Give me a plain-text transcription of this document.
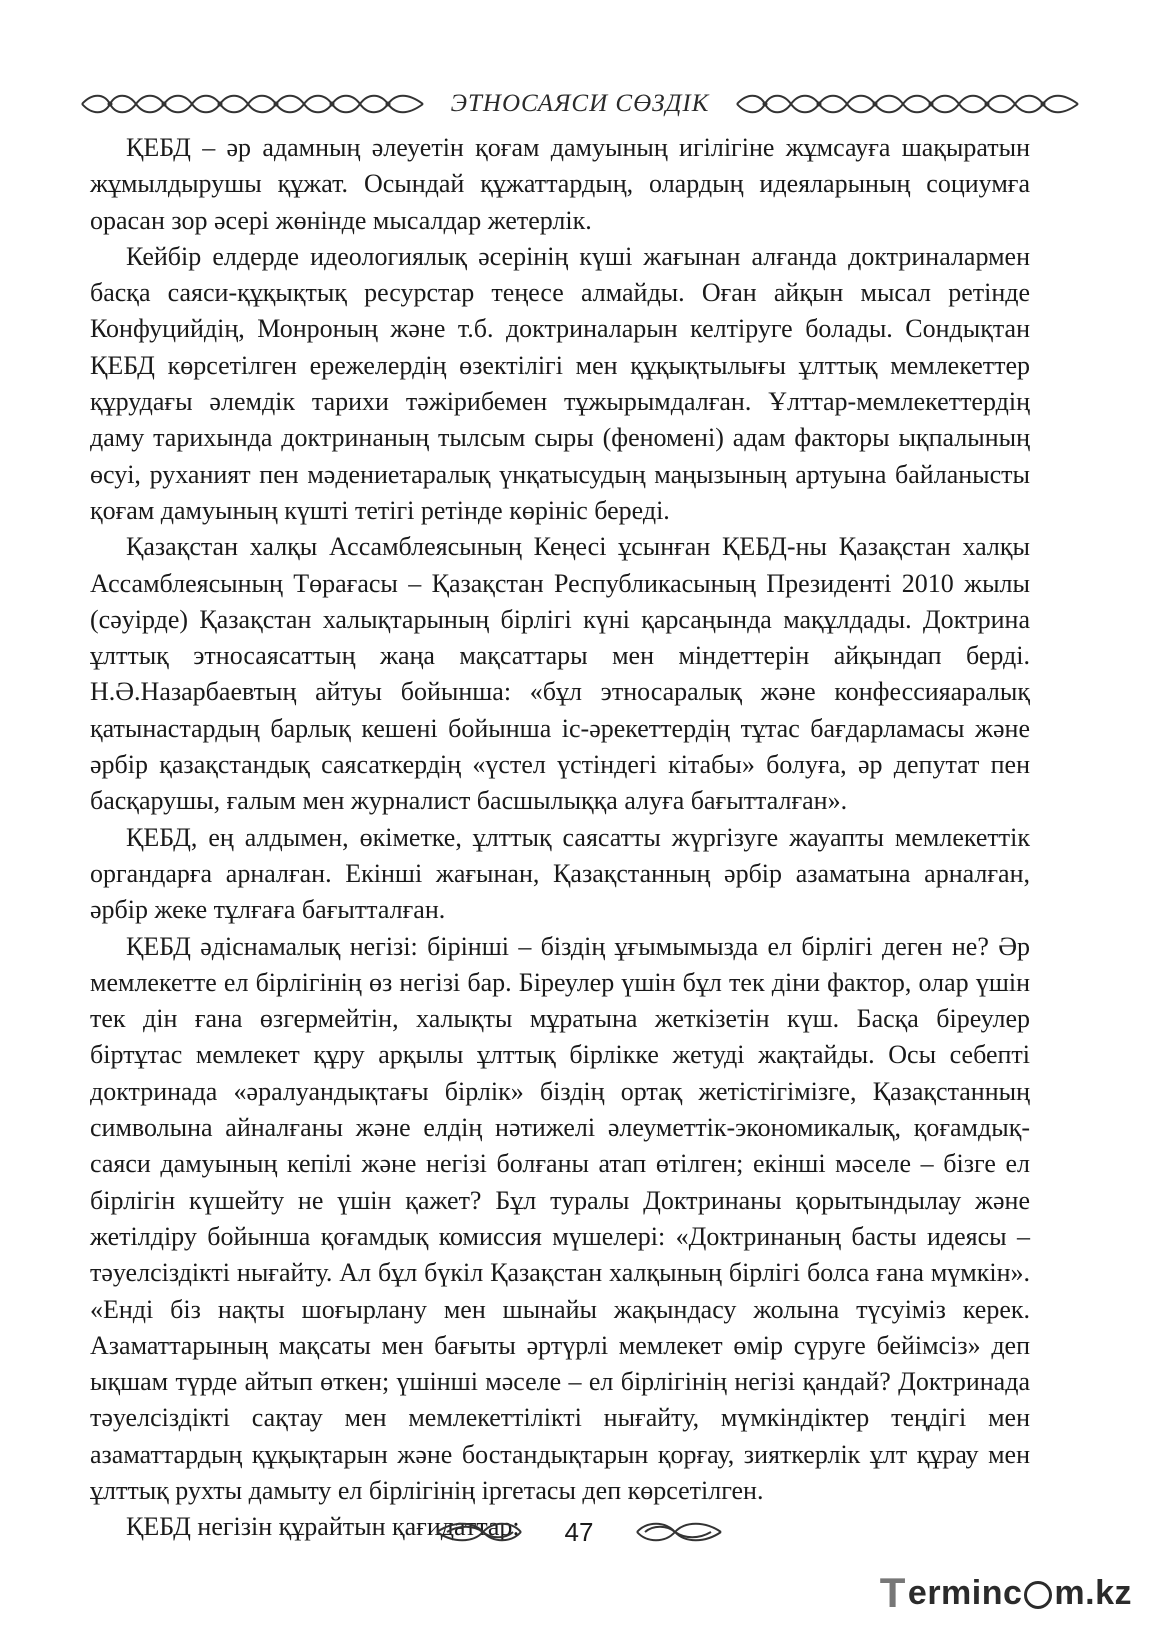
ЭТНОСАЯСИ СӨЗДІК

ҚЕБД – әр адамның әлеуетін қоғам дамуының игілігіне жұмсауға шақыратын жұмылдырушы құжат. Осындай құжаттардың, олардың идеяларының социумға орасан зор әсері жөнінде мысалдар жетерлік.

Кейбір елдерде идеологиялық әсерінің күші жағынан алғанда доктриналармен басқа саяси-құқықтық ресурстар теңесе алмайды. Оған айқын мысал ретінде Конфуцийдің, Монроның және т.б. доктриналарын келтіруге болады. Сондықтан ҚЕБД көрсетілген ережелердің өзектілігі мен құқықтылығы ұлттық мемлекеттер құрудағы әлемдік тарихи тәжірибемен тұжырымдалған. Ұлттар-мемлекеттердің даму тарихында доктринаның тылсым сыры (феномені) адам факторы ықпалының өсуі, руханият пен мәдениетаралық үнқатысудың маңызының артуына байланысты қоғам дамуының күшті тетігі ретінде көрініс береді.

Қазақстан халқы Ассамблеясының Кеңесі ұсынған ҚЕБД-ны Қазақстан халқы Ассамблеясының Төрағасы – Қазақстан Республикасының Президенті 2010 жылы (сәуірде) Қазақстан халықтарының бірлігі күні қарсаңында мақұлдады. Доктрина ұлттық этносаясаттың жаңа мақсаттары мен міндеттерін айқындап берді. Н.Ә.Назарбаевтың айтуы бойынша: «бұл этносаралық және конфессияаралық қатынастардың барлық кешені бойынша іс-әрекеттердің тұтас бағдарламасы және әрбір қазақстандық саясаткердің «үстел үстіндегі кітабы» болуға, әр депутат пен басқарушы, ғалым мен журналист басшылыққа алуға бағытталған».

ҚЕБД, ең алдымен, өкіметке, ұлттық саясатты жүргізуге жауапты мемлекеттік органдарға арналған. Екінші жағынан, Қазақстанның әрбір азаматына арналған, әрбір жеке тұлғаға бағытталған.

ҚЕБД әдіснамалық негізі: бірінші – біздің ұғымымызда ел бірлігі деген не? Әр мемлекетте ел бірлігінің өз негізі бар. Біреулер үшін бұл тек діни фактор, олар үшін тек дін ғана өзгермейтін, халықты мұратына жеткізетін күш. Басқа біреулер біртұтас мемлекет құру арқылы ұлттық бірлікке жетуді жақтайды. Осы себепті доктринада «әралуандықтағы бірлік» біздің ортақ жетістігімізге, Қазақстанның символына айналғаны және елдің нәтижелі әлеуметтік-экономикалық, қоғамдық-саяси дамуының кепілі және негізі болғаны атап өтілген; екінші мәселе – бізге ел бірлігін күшейту не үшін қажет? Бұл туралы Доктринаны қорытындылау және жетілдіру бойынша қоғамдық комиссия мүшелері: «Доктринаның басты идеясы – тәуелсіздікті нығайту. Ал бұл бүкіл Қазақстан халқының бірлігі болса ғана мүмкін». «Енді біз нақты шоғырлану мен шынайы жақындасу жолына түсуіміз керек. Азаматтарының мақсаты мен бағыты әртүрлі мемлекет өмір сүруге бейімсіз» деп ықшам түрде айтып өткен; үшінші мәселе – ел бірлігінің негізі қандай? Доктринада тәуелсіздікті сақтау мен мемлекеттілікті нығайту, мүмкіндіктер теңдігі мен азаматтардың құқықтарын және бостандықтарын қорғау, зияткерлік ұлт құрау мен ұлттық рухты дамыту ел бірлігінің іргетасы деп көрсетілген.

ҚЕБД негізін құрайтын қағидаттар:	47
T erminc m.kz
